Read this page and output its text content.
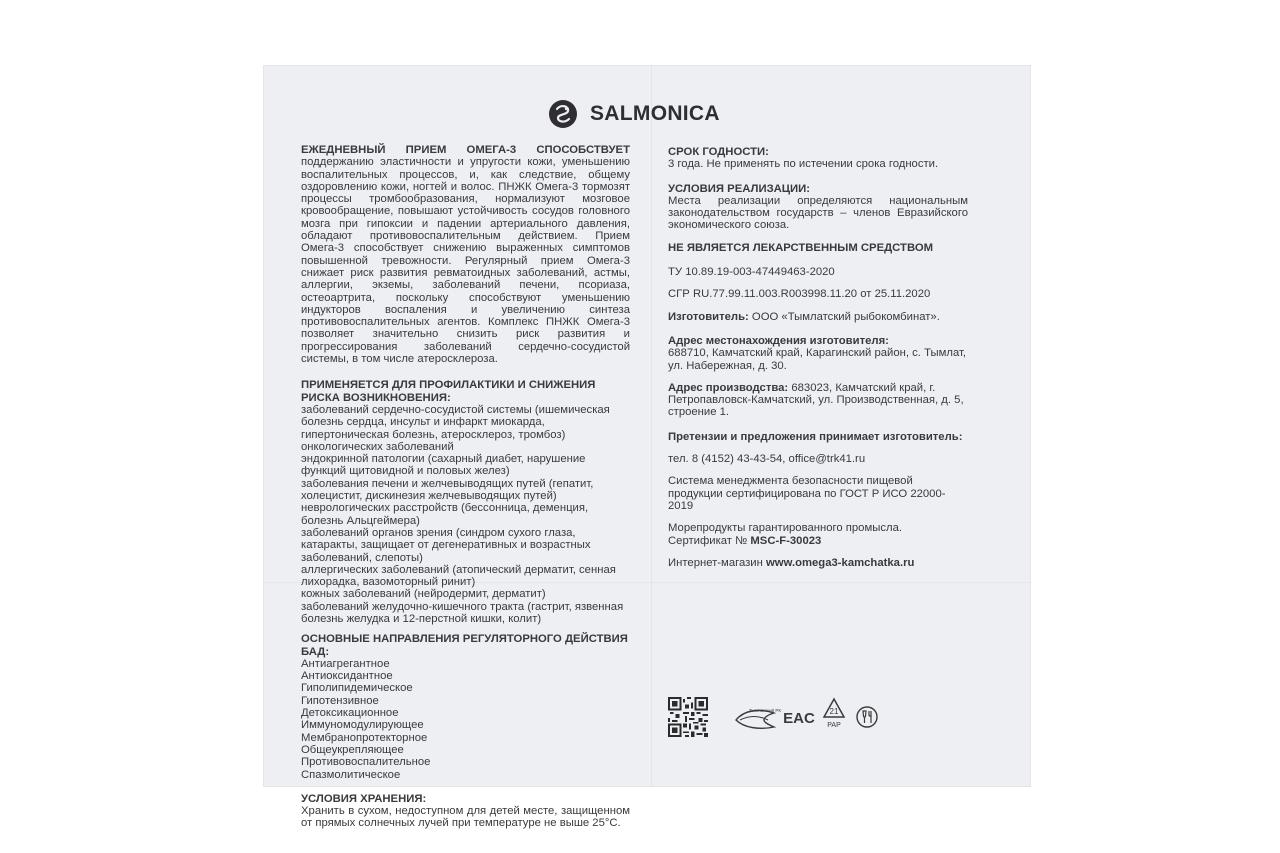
SALMONICA
ЕЖЕДНЕВНЫЙ ПРИЕМ ОМЕГА-3 СПОСОБСТВУЕТ поддержанию эластичности и упругости кожи, уменьшению воспалительных процессов, и, как следствие, общему оздоровлению кожи, ногтей и волос. ПНЖК Омега-3 тормозят процессы тромбообразования, нормализуют мозговое кровообращение, повышают устойчивость сосудов головного мозга при гипоксии и падении артериального давления, обладают противовоспалительным действием. Прием Омега-3 способствует снижению выраженных симптомов повышенной тревожности. Регулярный прием Омега-3 снижает риск развития ревматоидных заболеваний, астмы, аллергии, экземы, заболеваний печени, псориаза, остеоартрита, поскольку способствуют уменьшению индукторов воспаления и увеличению синтеза противовоспалительных агентов. Комплекс ПНЖК Омега-3 позволяет значительно снизить риск развития и прогрессирования заболеваний сердечно-сосудистой системы, в том числе атеросклероза.
ПРИМЕНЯЕТСЯ ДЛЯ ПРОФИЛАКТИКИ И СНИЖЕНИЯ РИСКА ВОЗНИКНОВЕНИЯ:
заболеваний сердечно-сосудистой системы (ишемическая болезнь сердца, инсульт и инфаркт миокарда, гипертоническая болезнь, атеросклероз, тромбоз)
онкологических заболеваний
эндокринной патологии (сахарный диабет, нарушение функций щитовидной и половых желез)
заболевания печени и желчевыводящих путей (гепатит, холецистит, дискинезия желчевыводящих путей)
неврологических расстройств (бессонница, деменция, болезнь Альцгеймера)
заболеваний органов зрения (синдром сухого глаза, катаракты, защищает от дегенеративных и возрастных заболеваний, слепоты)
аллергических заболеваний (атопический дерматит, сенная лихорадка, вазомоторный ринит)
кожных заболеваний (нейродермит, дерматит)
заболеваний желудочно-кишечного тракта (гастрит, язвенная болезнь желудка и 12-перстной кишки, колит)
ОСНОВНЫЕ НАПРАВЛЕНИЯ РЕГУЛЯТОРНОГО ДЕЙСТВИЯ БАД:
Антиагрегантное
Антиоксидантное
Гиполипидемическое
Гипотензивное
Детоксикационное
Иммуномодулирующее
Мембранопротекторное
Общеукрепляющее
Противовоспалительное
Спазмолитическое
УСЛОВИЯ ХРАНЕНИЯ:
Хранить в сухом, недоступном для детей месте, защищенном от прямых солнечных лучей при температуре не выше 25°С.
СРОК ГОДНОСТИ:
3 года. Не применять по истечении срока годности.
УСЛОВИЯ РЕАЛИЗАЦИИ:
Места реализации определяются национальным законодательством государств – членов Евразийского экономического союза.
НЕ ЯВЛЯЕТСЯ ЛЕКАРСТВЕННЫМ СРЕДСТВОМ
ТУ 10.89.19-003-47449463-2020
СГР RU.77.99.11.003.R003998.11.20 от 25.11.2020
Изготовитель: ООО «Тымлатский рыбокомбинат».
Адрес местонахождения изготовителя:
688710, Камчатский край, Карагинский район, с. Тымлат, ул. Набережная, д. 30.
Адрес производства: 683023, Камчатский край, г. Петропавловск-Камчатский, ул. Производственная, д. 5, строение 1.
Претензии и предложения принимает изготовитель:
тел. 8 (4152) 43-43-54, office@trk41.ru
Система менеджмента безопасности пищевой продукции сертифицирована по ГОСТ Р ИСО 22000-2019
Морепродукты гарантированного промысла.
Сертификат № MSC-F-30023
Интернет-магазин www.omega3-kamchatka.ru
Тымлатский РК EAC 21
PAP
